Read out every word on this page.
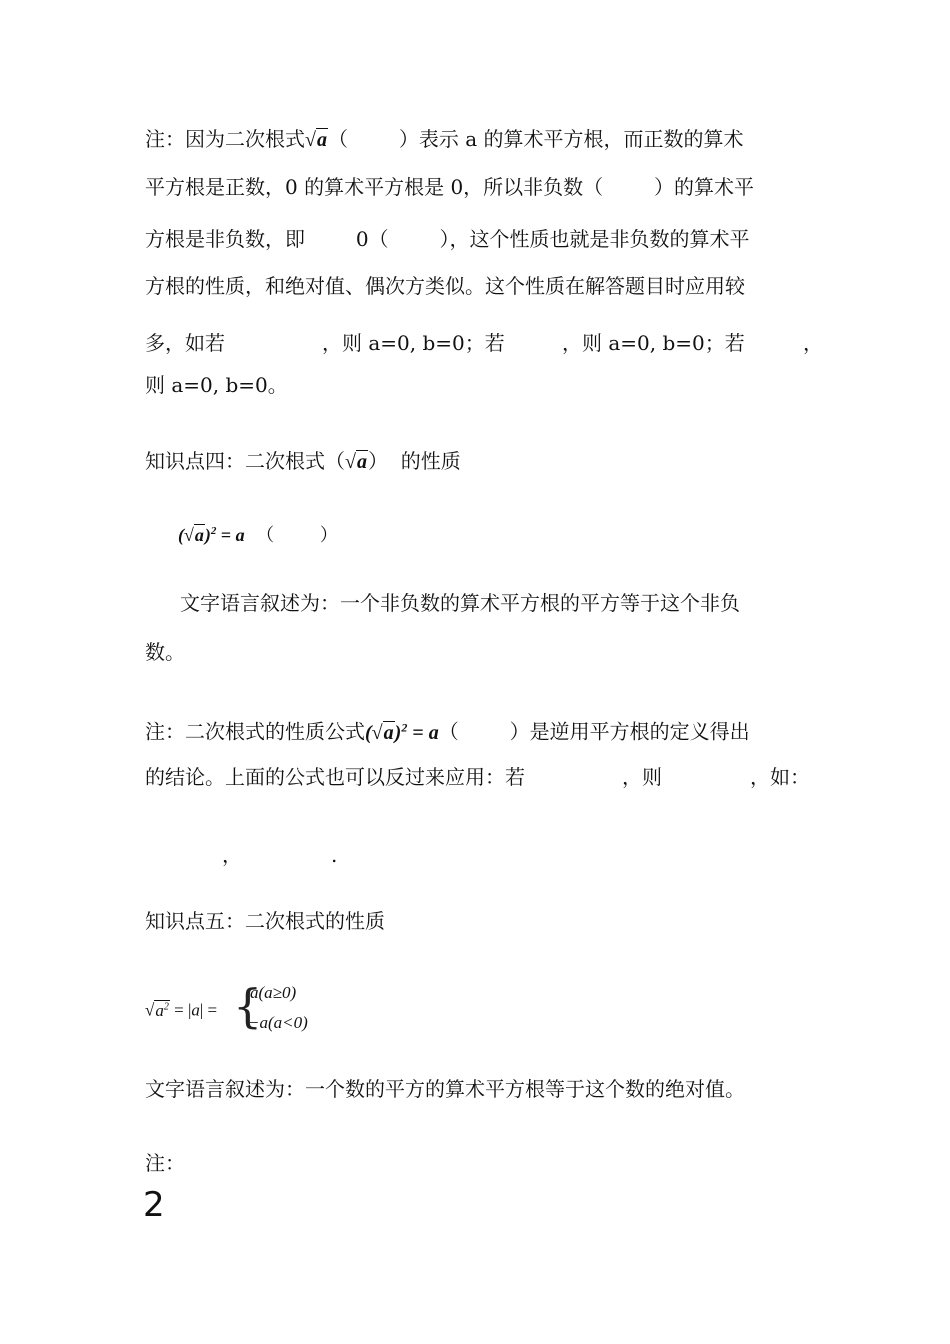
注：因为二次根式√a（        ）表示 a 的算术平方根，而正数的算术
平方根是正数，0 的算术平方根是 0，所以非负数（        ）的算术平
方根是非负数，即        0（        ），这个性质也就是非负数的算术平
方根的性质，和绝对值、偶次方类似。这个性质在解答题目时应用较
多，如若	，则 a=0, b=0；若	，则 a=0, b=0；若	，
则 a=0, b=0。
知识点四：二次根式（√a）  的性质
$(√a)^2 = a$ （        ）
文字语言叙述为：一个非负数的算术平方根的平方等于这个非负
数。
注：二次根式的性质公式$(√a)^2 = a$（        ）是逆用平方根的定义得出
的结论。上面的公式也可以反过来应用：若	，则	，如：
，	.
知识点五：二次根式的性质
$√a^2 = |a|$ = {
a(a≥0)
−a(a<0)
文字语言叙述为：一个数的平方的算术平方根等于这个数的绝对值。
注：
2
